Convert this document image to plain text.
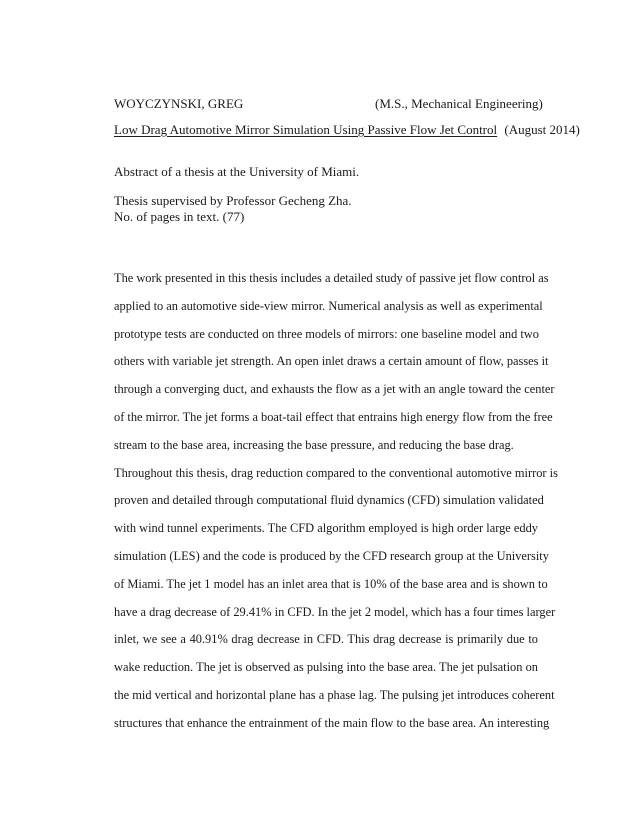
WOYCZYNSKI, GREG	(M.S., Mechanical Engineering)
Low Drag Automotive Mirror Simulation Using Passive Flow Jet Control (August 2014)
Abstract of a thesis at the University of Miami.
Thesis supervised by Professor Gecheng Zha.
No. of pages in text. (77)
The work presented in this thesis includes a detailed study of passive jet flow control as
applied to an automotive side-view mirror. Numerical analysis as well as experimental
prototype tests are conducted on three models of mirrors: one baseline model and two
others with variable jet strength. An open inlet draws a certain amount of flow, passes it
through a converging duct, and exhausts the flow as a jet with an angle toward the center
of the mirror. The jet forms a boat-tail effect that entrains high energy flow from the free
stream to the base area, increasing the base pressure, and reducing the base drag.
Throughout this thesis, drag reduction compared to the conventional automotive mirror is
proven and detailed through computational fluid dynamics (CFD) simulation validated
with wind tunnel experiments. The CFD algorithm employed is high order large eddy
simulation (LES) and the code is produced by the CFD research group at the University
of Miami. The jet 1 model has an inlet area that is 10% of the base area and is shown to
have a drag decrease of 29.41% in CFD. In the jet 2 model, which has a four times larger
inlet, we see a 40.91% drag decrease in CFD. This drag decrease is primarily due to
wake reduction. The jet is observed as pulsing into the base area. The jet pulsation on
the mid vertical and horizontal plane has a phase lag. The pulsing jet introduces coherent
structures that enhance the entrainment of the main flow to the base area. An interesting
